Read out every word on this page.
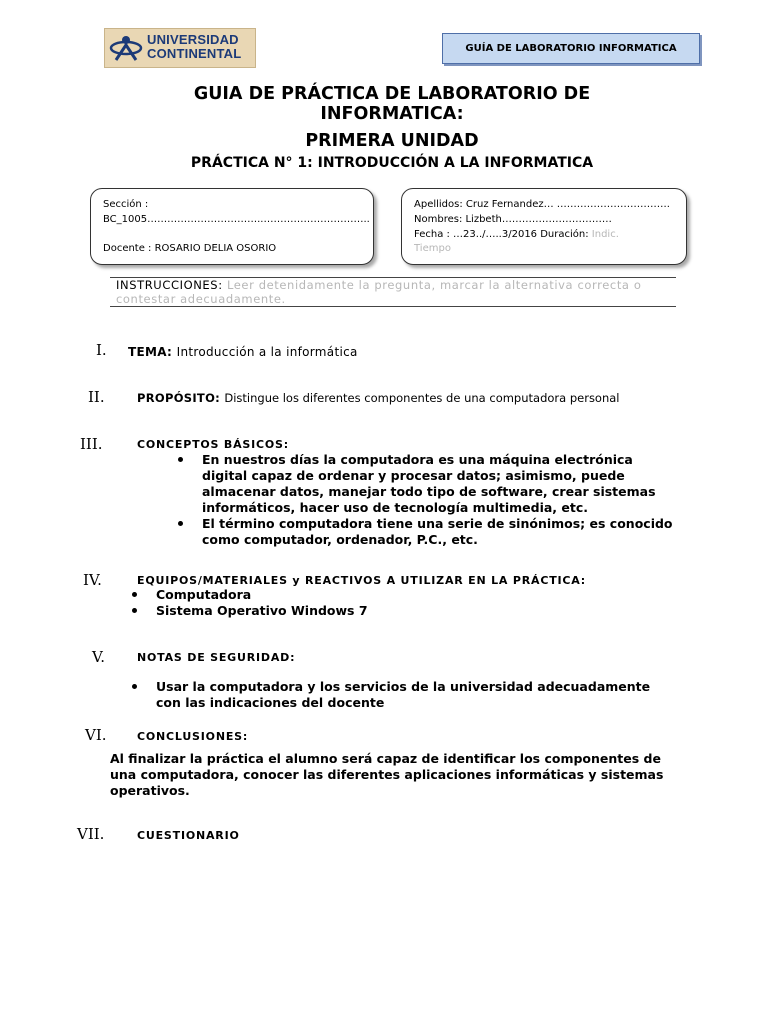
UNIVERSIDAD
CONTINENTAL	GUÍA DE LABORATORIO INFORMATICA
GUIA DE PRÁCTICA DE LABORATORIO DE
INFORMATICA:
PRIMERA UNIDAD
PRÁCTICA N° 1: INTRODUCCIÓN A LA INFORMATICA
Sección :
BC_1005……………………………..…………………………..
Docente : ROSARIO DELIA OSORIO
Apellidos: Cruz Fernandez… …………………………….
Nombres: Lizbeth……………………………
Fecha : …23../…..3/2016 Duración: Indic.
Tiempo
INSTRUCCIONES: Leer detenidamente la pregunta, marcar la alternativa correcta o
contestar adecuadamente.
I. TEMA: Introducción a la informática
II.	PROPÓSITO: Distingue los diferentes componentes de una computadora personal
III.	CONCEPTOS BÁSICOS:
En nuestros días la computadora es una máquina electrónica digital capaz de ordenar y procesar datos; asimismo, puede almacenar datos, manejar todo tipo de software, crear sistemas informáticos, hacer uso de tecnología multimedia, etc.
El término computadora tiene una serie de sinónimos; es conocido como computador, ordenador, P.C., etc.
IV.	EQUIPOS/MATERIALES y REACTIVOS A UTILIZAR EN LA PRÁCTICA:
Computadora
Sistema Operativo Windows 7
V.	NOTAS DE SEGURIDAD:
Usar la computadora y los servicios de la universidad adecuadamente con las indicaciones del docente
VI.	CONCLUSIONES:
Al finalizar la práctica el alumno será capaz de identificar los componentes de una computadora, conocer las diferentes aplicaciones informáticas y sistemas operativos.
VII.	CUESTIONARIO
